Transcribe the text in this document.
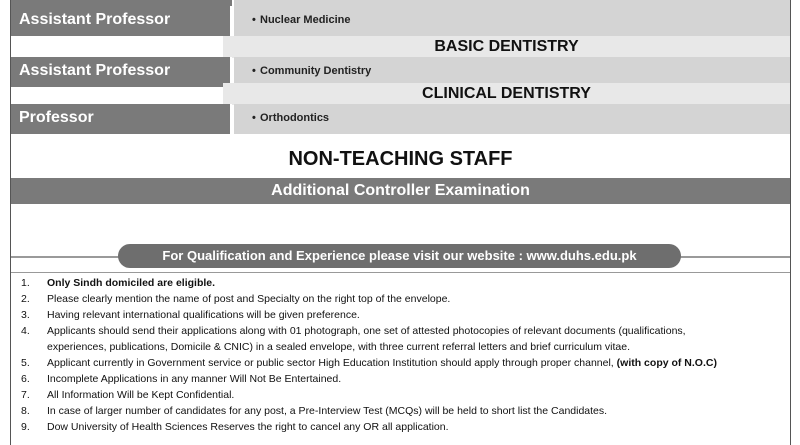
Assistant Professor	• Nuclear Medicine
BASIC DENTISTRY
Assistant Professor	• Community Dentistry
CLINICAL DENTISTRY
Professor	• Orthodontics
NON-TEACHING STAFF
Additional Controller Examination
For Qualification and Experience please visit our website : www.duhs.edu.pk
1. Only Sindh domiciled are eligible.
2. Please clearly mention the name of post and Specialty on the right top of the envelope.
3. Having relevant international qualifications will be given preference.
4. Applicants should send their applications along with 01 photograph, one set of attested photocopies of relevant documents (qualifications,
experiences, publications, Domicile & CNIC) in a sealed envelope, with three current referral letters and brief curriculum vitae.
5. Applicant currently in Government service or public sector High Education Institution should apply through proper channel, (with copy of N.O.C)
6. Incomplete Applications in any manner Will Not Be Entertained.
7. All Information Will be Kept Confidential.
8. In case of larger number of candidates for any post, a Pre-Interview Test (MCQs) will be held to short list the Candidates.
9. Dow University of Health Sciences Reserves the right to cancel any OR all application.
